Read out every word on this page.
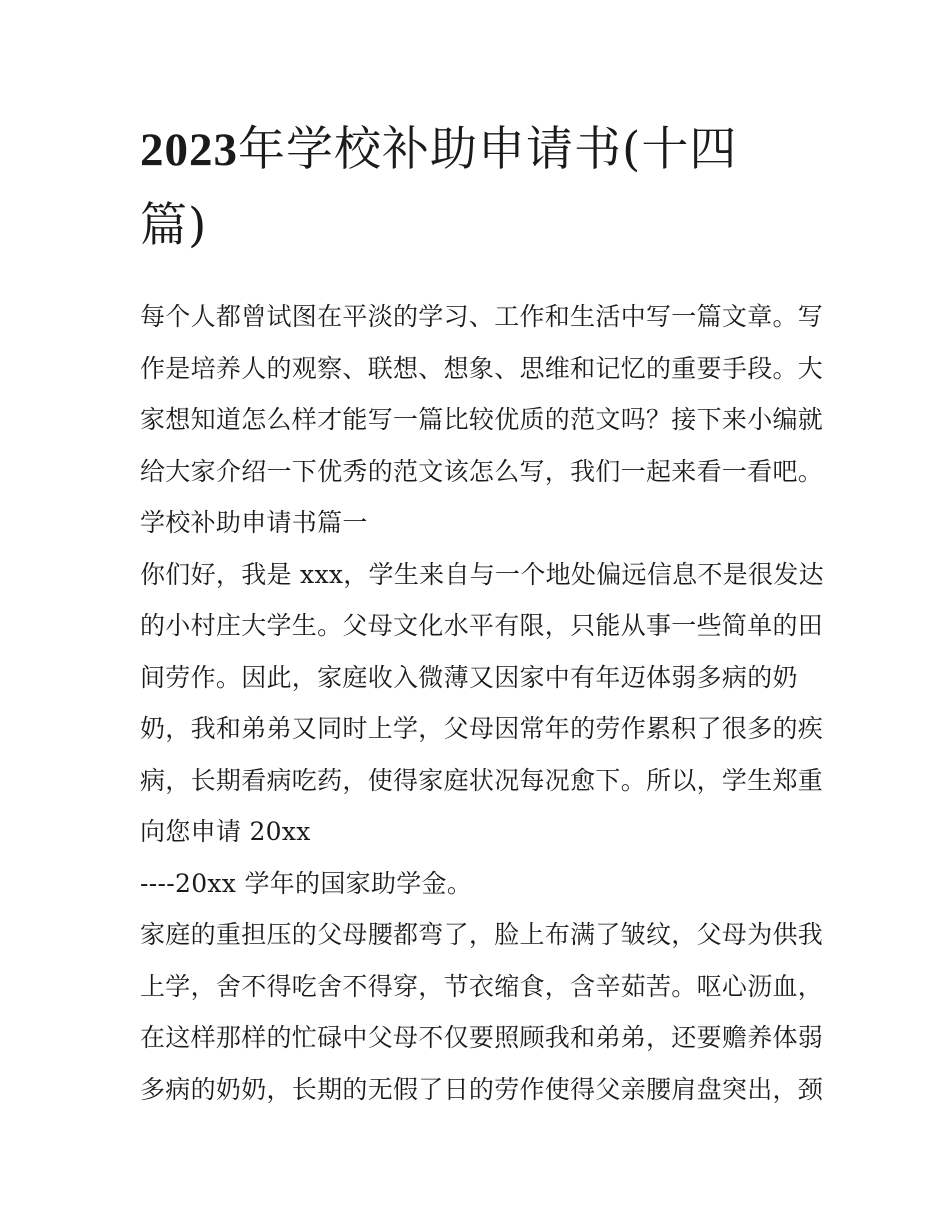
2023年学校补助申请书(十四
篇)
每个人都曾试图在平淡的学习、工作和生活中写一篇文章。写
作是培养人的观察、联想、想象、思维和记忆的重要手段。大
家想知道怎么样才能写一篇比较优质的范文吗？接下来小编就
给大家介绍一下优秀的范文该怎么写，我们一起来看一看吧。
学校补助申请书篇一
你们好，我是 xxx，学生来自与一个地处偏远信息不是很发达
的小村庄大学生。父母文化水平有限，只能从事一些简单的田
间劳作。因此，家庭收入微薄又因家中有年迈体弱多病的奶
奶，我和弟弟又同时上学，父母因常年的劳作累积了很多的疾
病，长期看病吃药，使得家庭状况每况愈下。所以，学生郑重
向您申请 20xx
----20xx 学年的国家助学金。
家庭的重担压的父母腰都弯了，脸上布满了皱纹，父母为供我
上学，舍不得吃舍不得穿，节衣缩食，含辛茹苦。呕心沥血，
在这样那样的忙碌中父母不仅要照顾我和弟弟，还要赡养体弱
多病的奶奶，长期的无假了日的劳作使得父亲腰肩盘突出，颈
